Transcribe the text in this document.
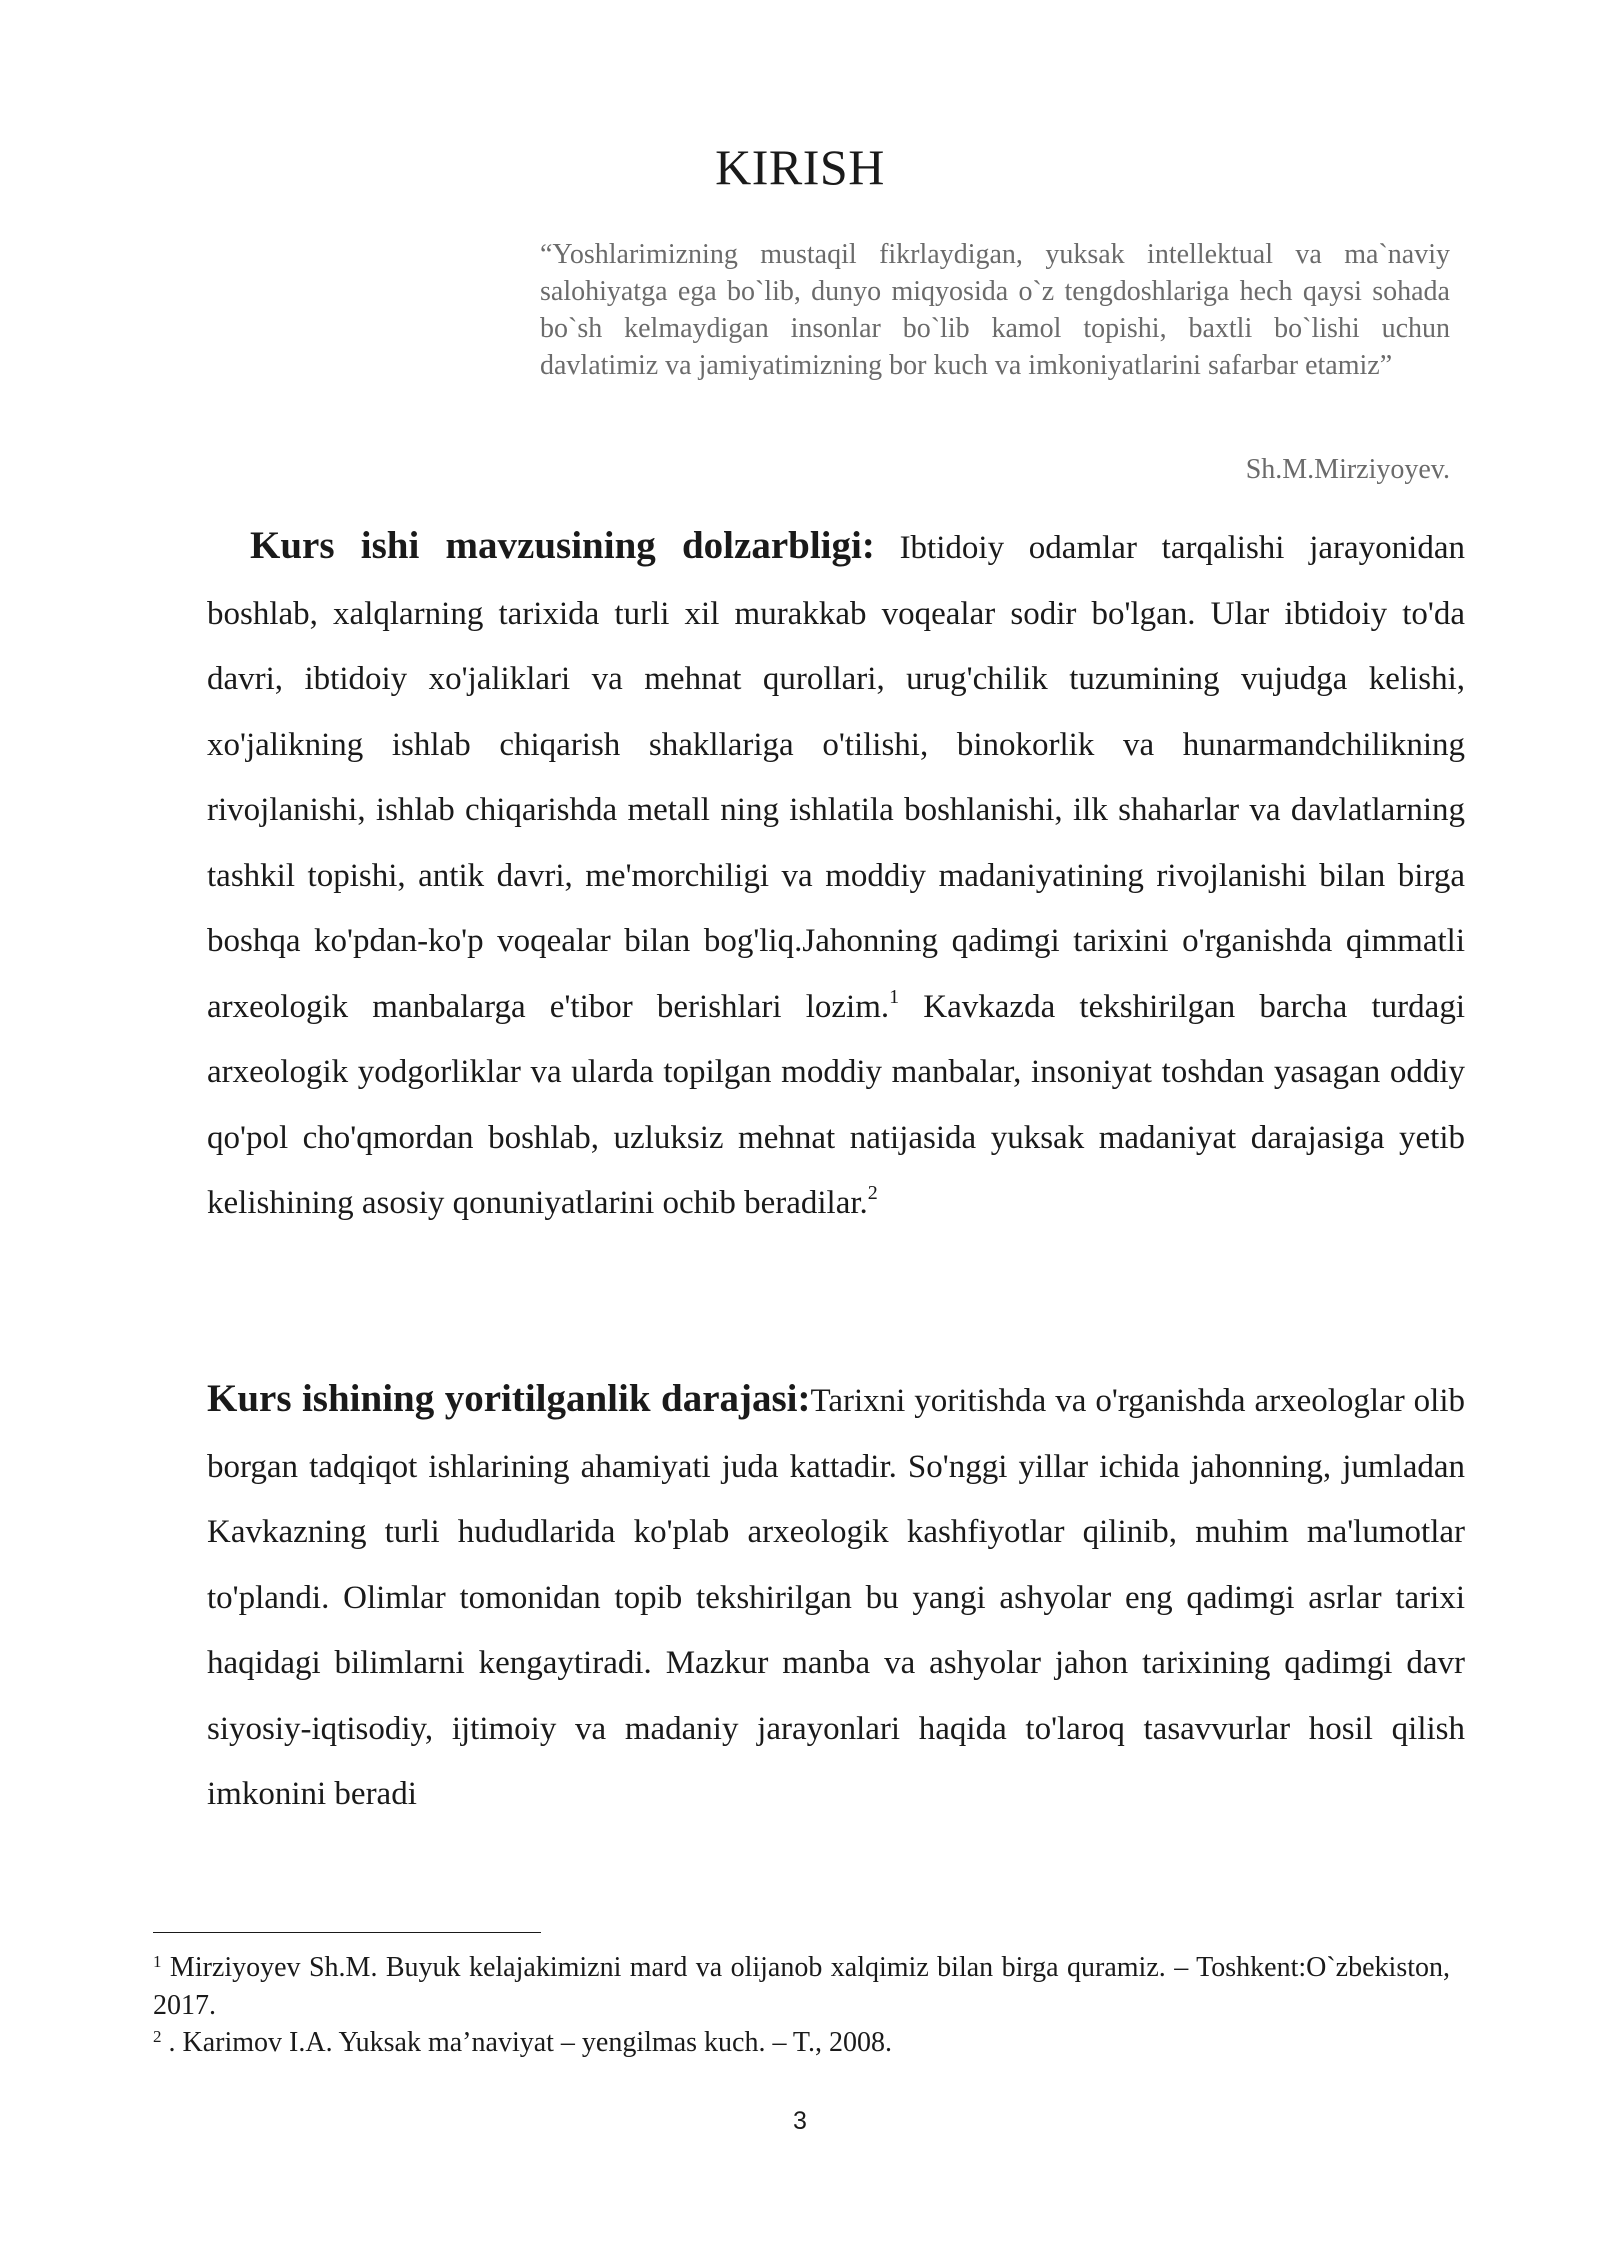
KIRISH

“Yoshlarimizning mustaqil fikrlaydigan, yuksak intellektual va ma`naviy salohiyatga ega bo`lib, dunyo miqyosida o`z tengdoshlariga hech qaysi sohada bo`sh kelmaydigan insonlar bo`lib kamol topishi, baxtli bo`lishi uchun davlatimiz va jamiyatimizning bor kuch va imkoniyatlarini safarbar etamiz”

Sh.M.Mirziyoyev.

Kurs ishi mavzusining dolzarbligi: Ibtidoiy odamlar tarqalishi jarayonidan boshlab, xalqlarning tarixida turli xil murakkab voqealar sodir bo'lgan. Ular ibtidoiy to'da davri, ibtidoiy xo'jaliklari va mehnat qurollari, urug'chilik tuzumining vujudga kelishi, xo'jalikning ishlab chiqarish shakllariga o'tilishi, binokorlik va hunarmandchilikning rivojlanishi, ishlab chiqarishda metall ning ishlatila boshlanishi, ilk shaharlar va davlatlarning tashkil topishi, antik davri, me'morchiligi va moddiy madaniyatining rivojlanishi bilan birga boshqa ko'pdan-ko'p voqealar bilan bog'liq.Jahonning qadimgi tarixini o'rganishda qimmatli arxeologik manbalarga e'tibor berishlari lozim.$^1$ Kavkazda tekshirilgan barcha turdagi arxeologik yodgorliklar va ularda topilgan moddiy manbalar, insoniyat toshdan yasagan oddiy qo'pol cho'qmordan boshlab, uzluksiz mehnat natijasida yuksak madaniyat darajasiga yetib kelishining asosiy qonuniyatlarini ochib beradilar.$^2$

Kurs ishining yoritilganlik darajasi:Tarixni yoritishda va o'rganishda arxeologlar olib borgan tadqiqot ishlarining ahamiyati juda kattadir. So'nggi yillar ichida jahonning, jumladan Kavkazning turli hududlarida ko'plab arxeologik kashfiyotlar qilinib, muhim ma'lumotlar to'plandi. Olimlar tomonidan topib tekshirilgan bu yangi ashyolar eng qadimgi asrlar tarixi haqidagi bilimlarni kengaytiradi. Mazkur manba va ashyolar jahon tarixining qadimgi davr siyosiy-iqtisodiy, ijtimoiy va madaniy jarayonlari haqida to'laroq tasavvurlar hosil qilish imkonini beradi

$^1$ Mirziyoyev Sh.M. Buyuk kelajakimizni mard va olijanob xalqimiz bilan birga quramiz. – Toshkent:O`zbekiston, 2017.

$^2$ . Karimov I.A. Yuksak ma’naviyat – yengilmas kuch. – T., 2008.

3
